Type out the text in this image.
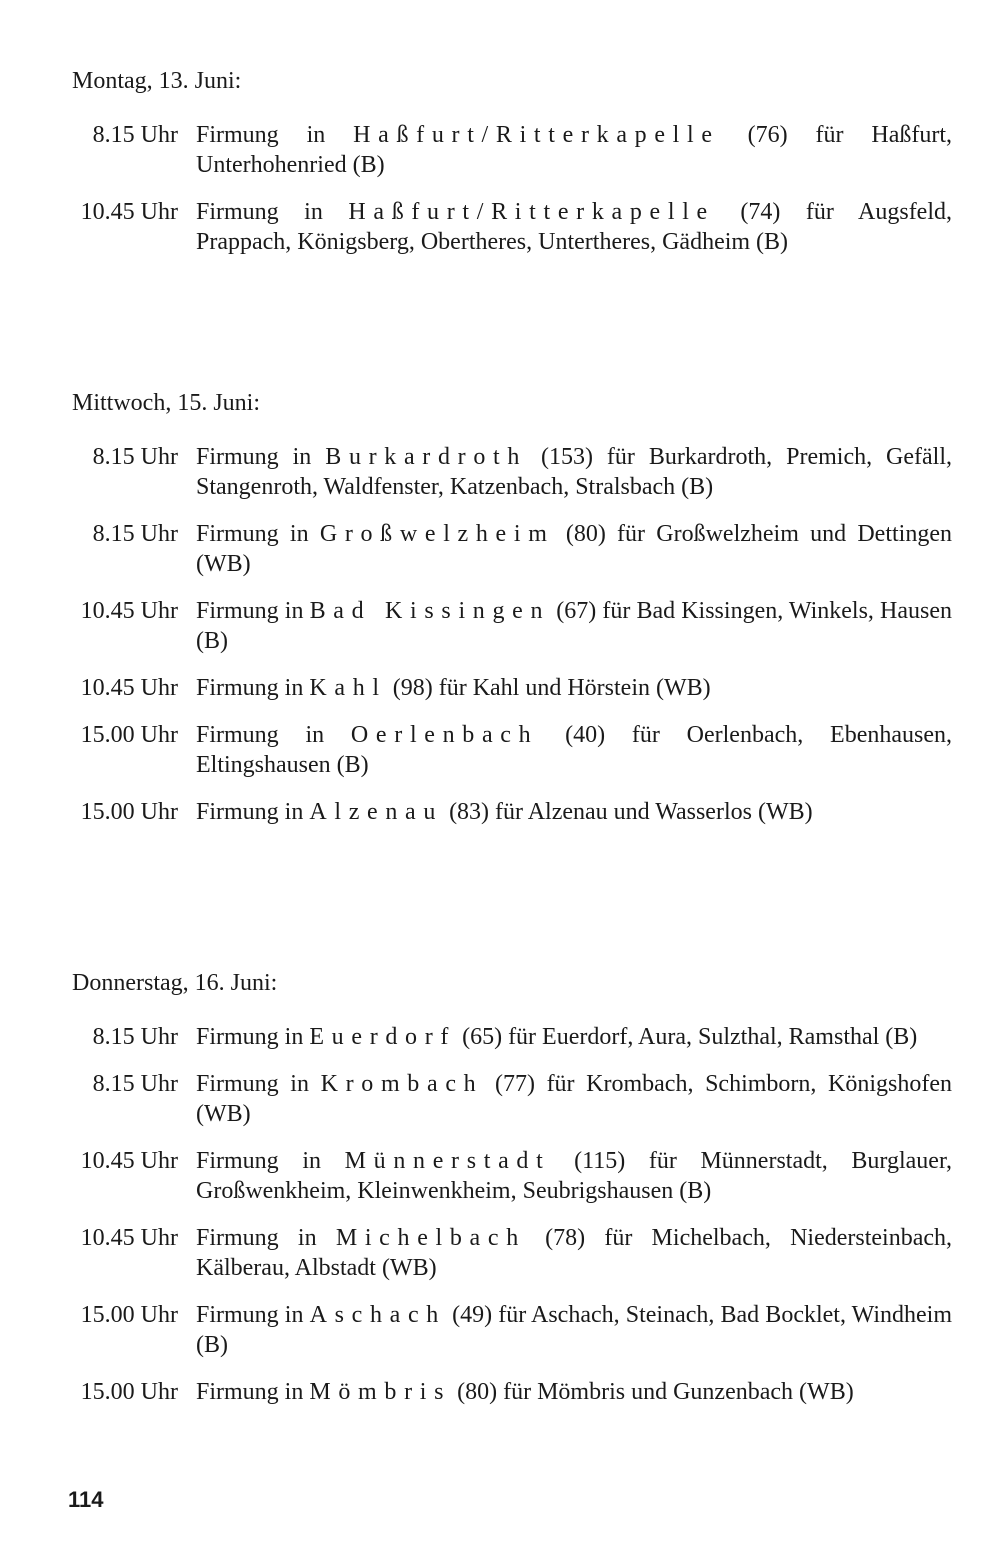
Montag, 13. Juni:
8.15 Uhr Firmung in Haßfurt/Ritterkapelle (76) für Haßfurt, Unterhohenried (B)
10.45 Uhr Firmung in Haßfurt/Ritterkapelle (74) für Augsfeld, Prappach, Königsberg, Obertheres, Untertheres, Gädheim (B)
Mittwoch, 15. Juni:
8.15 Uhr Firmung in Burkardroth (153) für Burkardroth, Premich, Gefäll, Stangenroth, Waldfenster, Katzenbach, Stralsbach (B)
8.15 Uhr Firmung in Großwelzheim (80) für Großwelzheim und Dettingen (WB)
10.45 Uhr Firmung in Bad Kissingen (67) für Bad Kissingen, Winkels, Hausen (B)
10.45 Uhr Firmung in Kahl (98) für Kahl und Hörstein (WB)
15.00 Uhr Firmung in Oerlenbach (40) für Oerlenbach, Ebenhausen, Eltingshausen (B)
15.00 Uhr Firmung in Alzenau (83) für Alzenau und Wasserlos (WB)
Donnerstag, 16. Juni:
8.15 Uhr Firmung in Euerdorf (65) für Euerdorf, Aura, Sulzthal, Ramsthal (B)
8.15 Uhr Firmung in Krombach (77) für Krombach, Schimborn, Königshofen (WB)
10.45 Uhr Firmung in Münnerstadt (115) für Münnerstadt, Burglauer, Großwenkheim, Kleinwenkheim, Seubrigshausen (B)
10.45 Uhr Firmung in Michelbach (78) für Michelbach, Niedersteinbach, Kälberau, Albstadt (WB)
15.00 Uhr Firmung in Aschach (49) für Aschach, Steinach, Bad Bocklet, Windheim (B)
15.00 Uhr Firmung in Mömbris (80) für Mömbris und Gunzenbach (WB)
114
